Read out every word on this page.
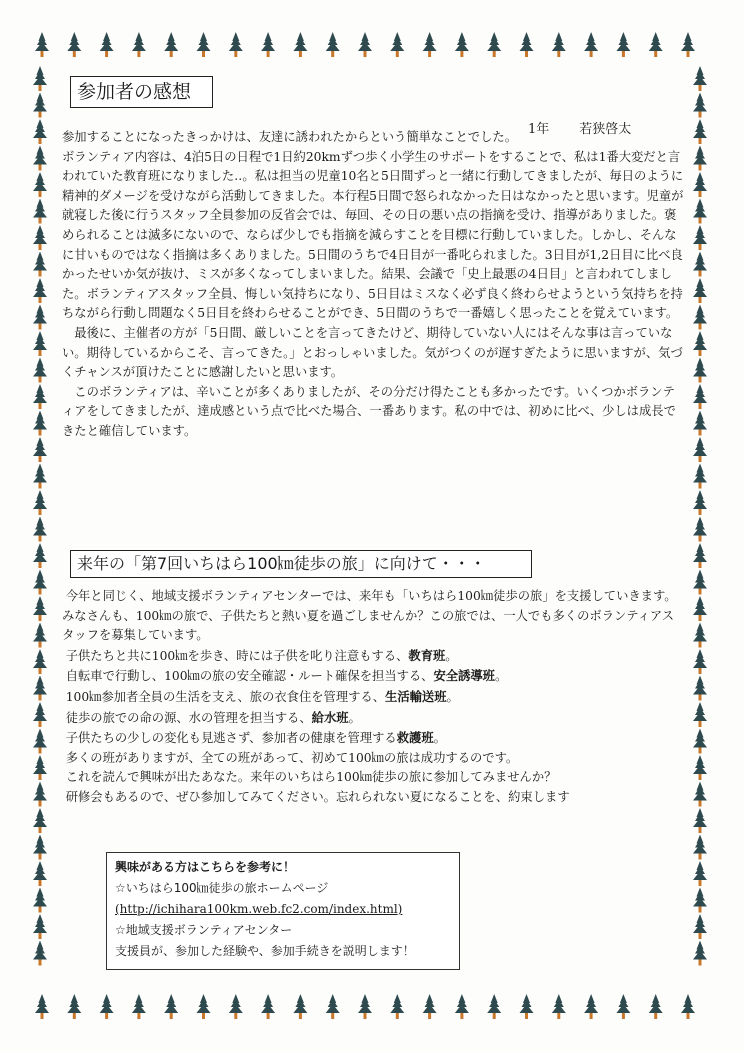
参加者の感想
1年 若狭啓太

参加することになったきっかけは、友達に誘われたからという簡単なことでした。

ボランティア内容は、4泊5日の日程で1日約20kmずつ歩く小学生のサポートをすることで、私は1番大変だと言われていた教育班になりました‥。私は担当の児童10名と5日間ずっと一緒に行動してきましたが、毎日のように精神的ダメージを受けながら活動してきました。本行程5日間で怒られなかった日はなかったと思います。児童が就寝した後に行うスタッフ全員参加の反省会では、毎回、その日の悪い点の指摘を受け、指導がありました。褒められることは滅多にないので、ならば少しでも指摘を減らすことを目標に行動していました。しかし、そんなに甘いものではなく指摘は多くありました。5日間のうちで4日目が一番叱られました。3日目が1,2日目に比べ良かったせいか気が抜け、ミスが多くなってしまいました。結果、会議で「史上最悪の4日目」と言われてしました。ボランティアスタッフ全員、悔しい気持ちになり、5日目はミスなく必ず良く終わらせようという気持ちを持ちながら行動し問題なく5日目を終わらせることができ、5日間のうちで一番嬉しく思ったことを覚えています。

最後に、主催者の方が「5日間、厳しいことを言ってきたけど、期待していない人にはそんな事は言っていない。期待しているからこそ、言ってきた。」とおっしゃいました。気がつくのが遅すぎたように思いますが、気づくチャンスが頂けたことに感謝したいと思います。

このボランティアは、辛いことが多くありましたが、その分だけ得たことも多かったです。いくつかボランティアをしてきましたが、達成感という点で比べた場合、一番あります。私の中では、初めに比べ、少しは成長できたと確信しています。

来年の「第7回いちはら100㎞徒歩の旅」に向けて・・・

今年と同じく、地域支援ボランティアセンターでは、来年も「いちはら100㎞徒歩の旅」を支援していきます。みなさんも、100㎞の旅で、子供たちと熱い夏を過ごしませんか？この旅では、一人でも多くのボランティアスタッフを募集しています。

子供たちと共に100㎞を歩き、時には子供を叱り注意もする、教育班。

自転車で行動し、100㎞の旅の安全確認・ルート確保を担当する、安全誘導班。

100㎞参加者全員の生活を支え、旅の衣食住を管理する、生活輸送班。

徒歩の旅での命の源、水の管理を担当する、給水班。

子供たちの少しの変化も見逃さず、参加者の健康を管理する救護班。

多くの班がありますが、全ての班があって、初めて100㎞の旅は成功するのです。

これを読んで興味が出たあなた。来年のいちはら100㎞徒歩の旅に参加してみませんか？

研修会もあるので、ぜひ参加してみてください。忘れられない夏になることを、約束します

興味がある方はこちらを参考に！
☆いちはら100㎞徒歩の旅ホームページ
(http://ichihara100km.web.fc2.com/index.html)
☆地域支援ボランティアセンター
支援員が、参加した経験や、参加手続きを説明します！
